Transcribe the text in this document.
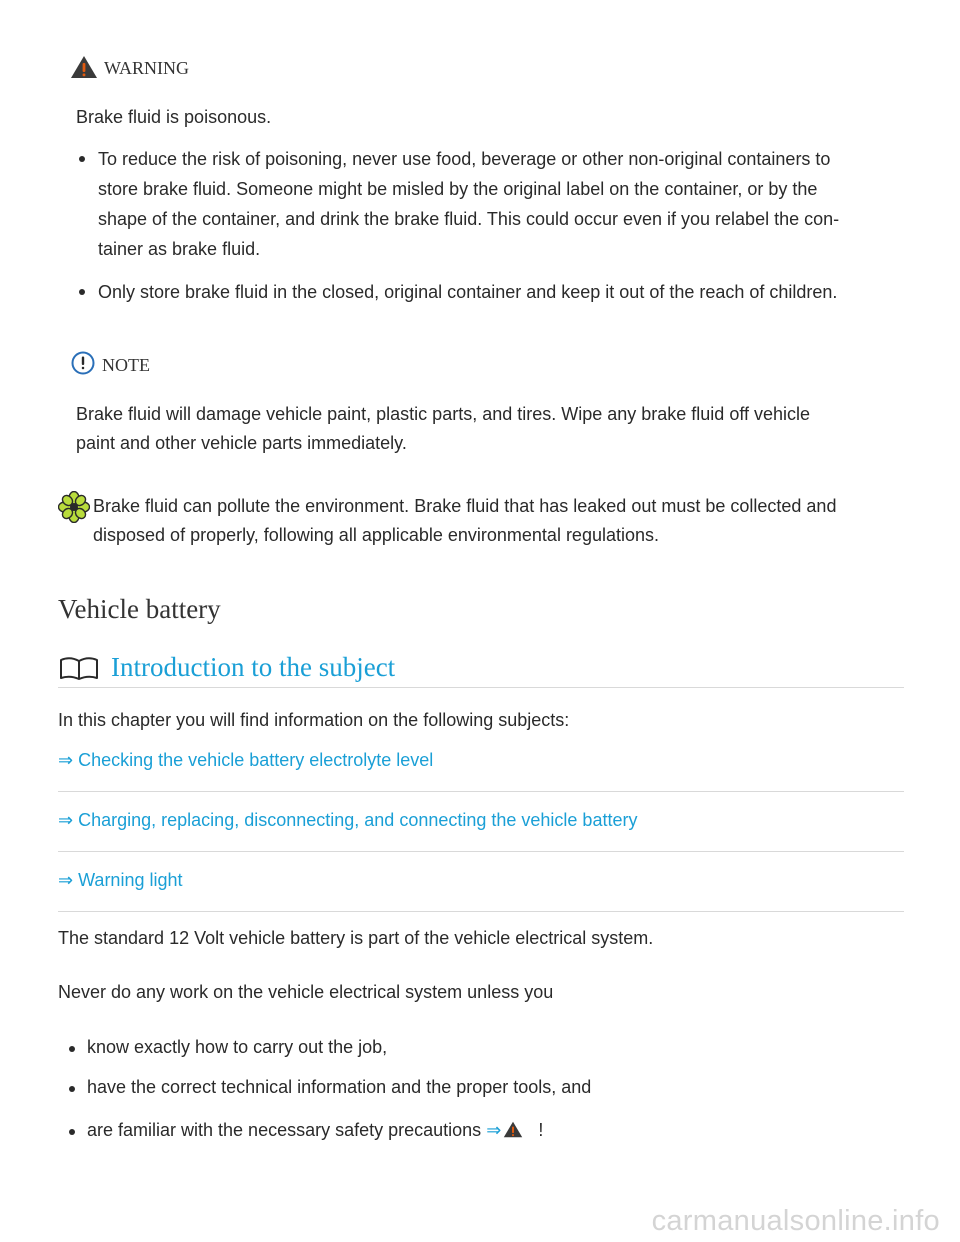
WARNING
Brake fluid is poisonous.
To reduce the risk of poisoning, never use food, beverage or other non-original containers to
store brake fluid. Someone might be misled by the original label on the container, or by the
shape of the container, and drink the brake fluid. This could occur even if you relabel the con-
tainer as brake fluid.
Only store brake fluid in the closed, original container and keep it out of the reach of children.
NOTE
Brake fluid will damage vehicle paint, plastic parts, and tires. Wipe any brake fluid off vehicle
paint and other vehicle parts immediately.
Brake fluid can pollute the environment. Brake fluid that has leaked out must be collected and
disposed of properly, following all applicable environmental regulations.
Vehicle battery
Introduction to the subject
In this chapter you will find information on the following subjects:
⇒ Checking the vehicle battery electrolyte level
⇒ Charging, replacing, disconnecting, and connecting the vehicle battery
⇒ Warning light
The standard 12 Volt vehicle battery is part of the vehicle electrical system.
Never do any work on the vehicle electrical system unless you
know exactly how to carry out the job,
have the correct technical information and the proper tools, and
are familiar with the necessary safety precautions ⇒ !
carmanualsonline.info
